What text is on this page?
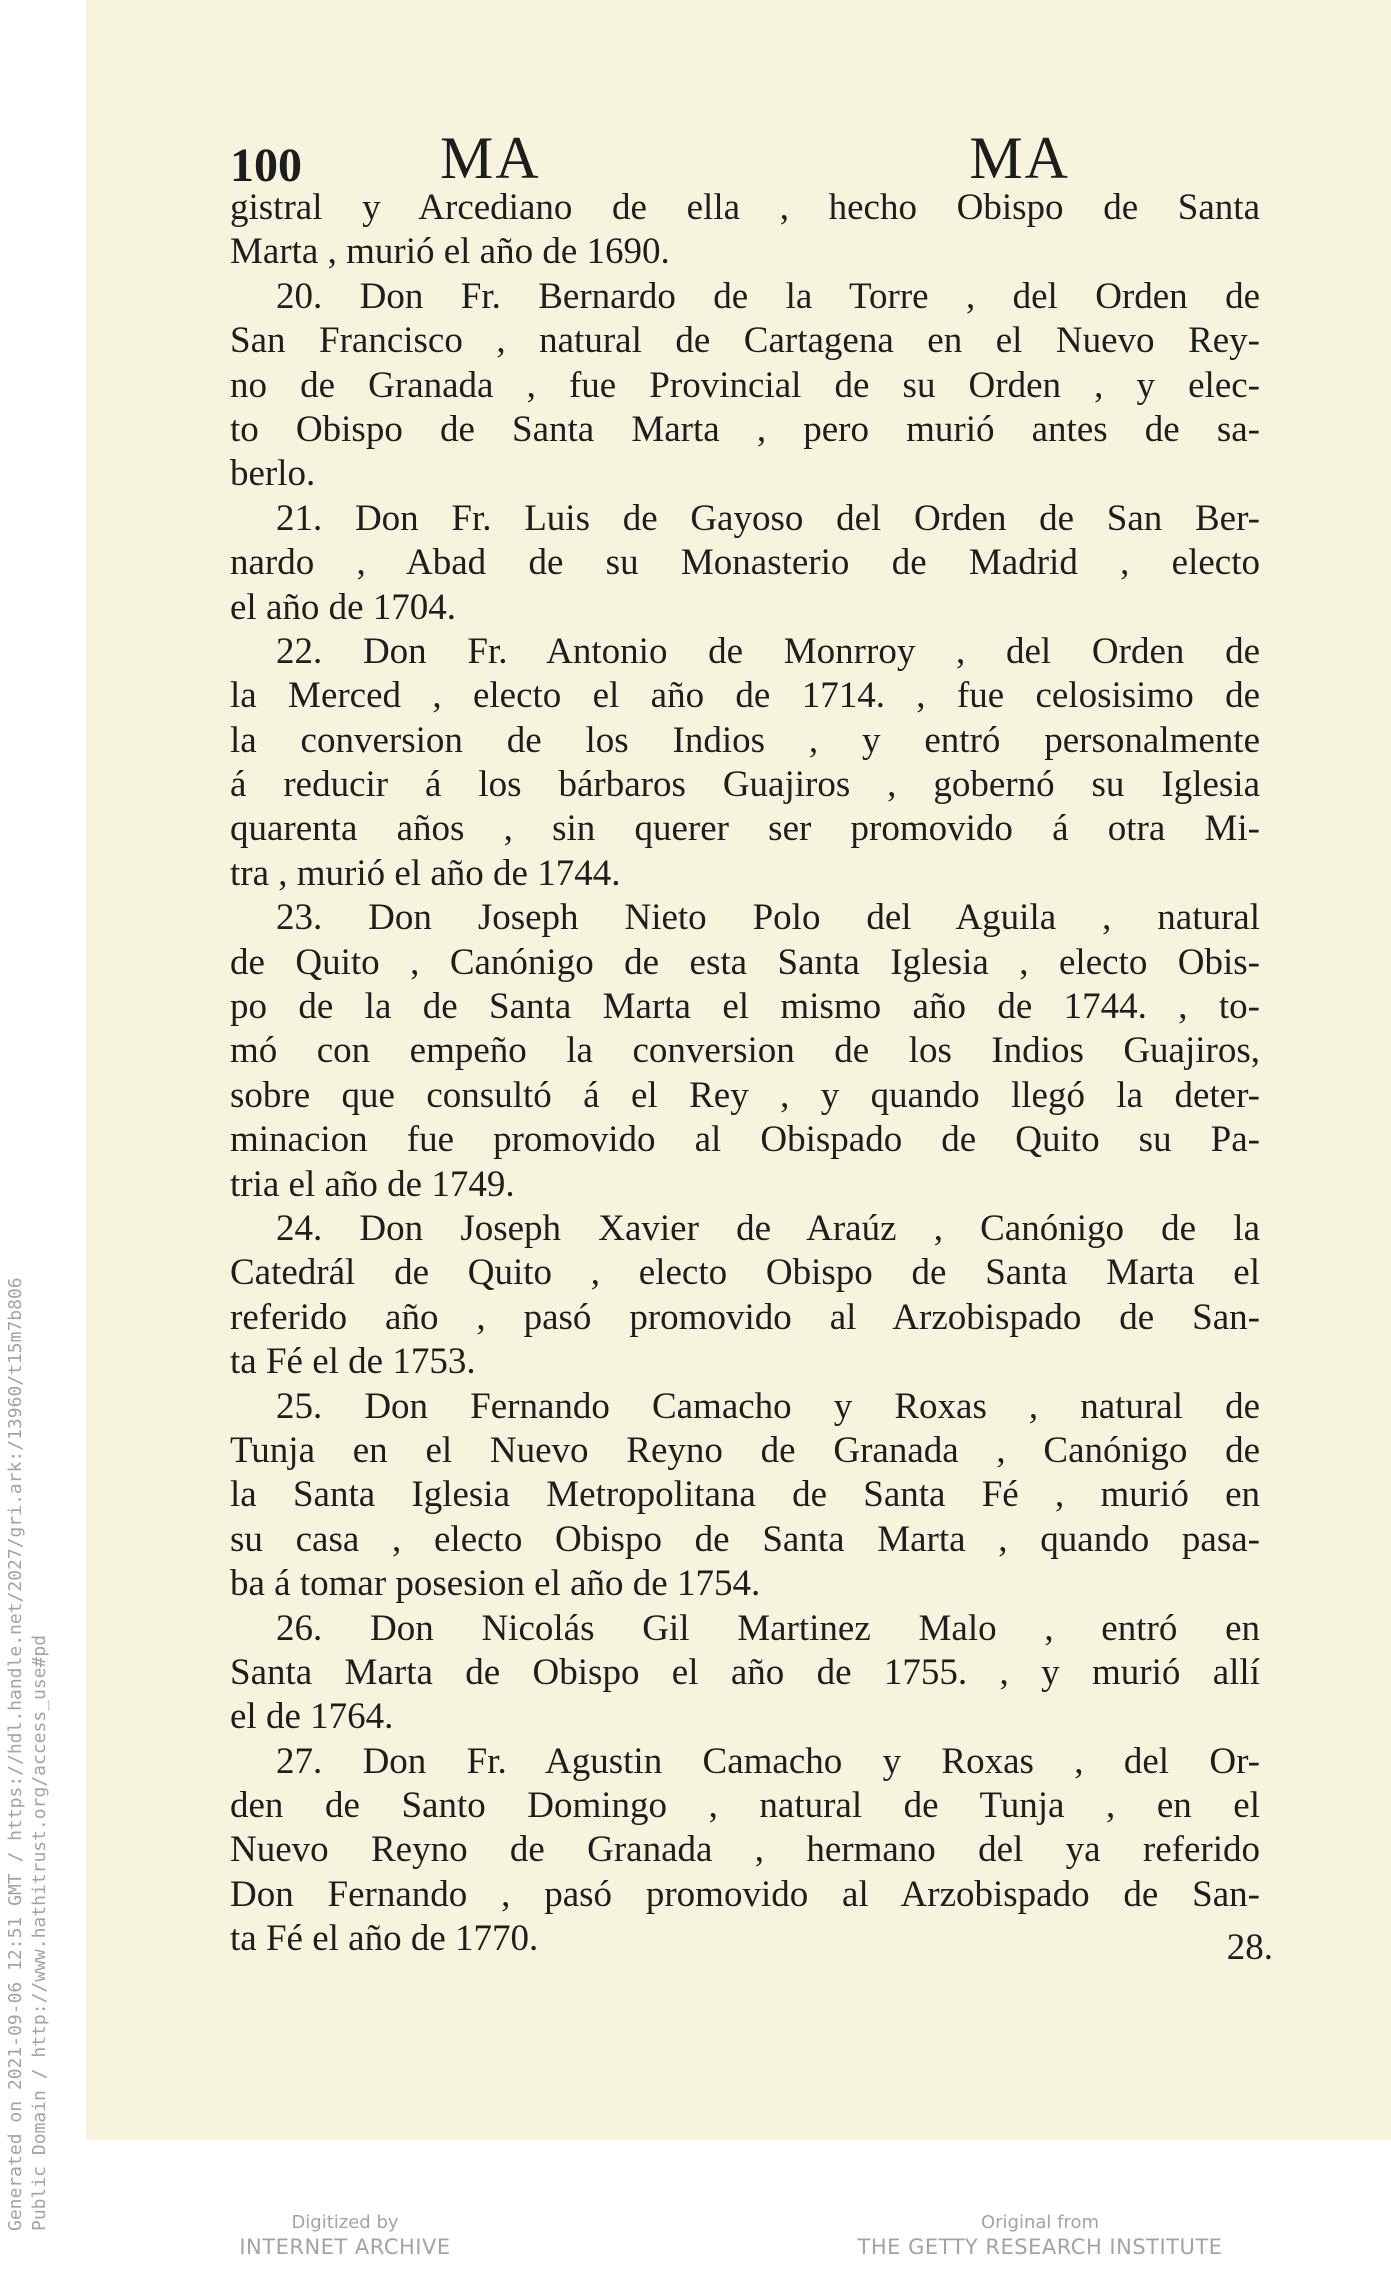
Generated on 2021-09-06 12:51 GMT / https://hdl.handle.net/2027/gri.ark:/13960/t15m7b806 Public Domain / http://www.hathitrust.org/access_use#pd
100 MA	MA
gistral y Arcediano de ella , hecho Obispo de Santa
Marta , murió el año de 1690.
20. Don Fr. Bernardo de la Torre , del Orden de
San Francisco , natural de Cartagena en el Nuevo Rey-
no de Granada , fue Provincial de su Orden , y elec-
to Obispo de Santa Marta , pero murió antes de sa-
berlo.
21. Don Fr. Luis de Gayoso del Orden de San Ber-
nardo , Abad de su Monasterio de Madrid , electo
el año de 1704.
22. Don Fr. Antonio de Monrroy , del Orden de
la Merced , electo el año de 1714. , fue celosisimo de
la conversion de los Indios , y entró personalmente
á reducir á los bárbaros Guajiros , gobernó su Iglesia
quarenta años , sin querer ser promovido á otra Mi-
tra , murió el año de 1744.
23. Don Joseph Nieto Polo del Aguila , natural
de Quito , Canónigo de esta Santa Iglesia , electo Obis-
po de la de Santa Marta el mismo año de 1744. , to-
mó con empeño la conversion de los Indios Guajiros,
sobre que consultó á el Rey , y quando llegó la deter-
minacion fue promovido al Obispado de Quito su Pa-
tria el año de 1749.
24. Don Joseph Xavier de Araúz , Canónigo de la
Catedrál de Quito , electo Obispo de Santa Marta el
referido año , pasó promovido al Arzobispado de San-
ta Fé el de 1753.
25. Don Fernando Camacho y Roxas , natural de
Tunja en el Nuevo Reyno de Granada , Canónigo de
la Santa Iglesia Metropolitana de Santa Fé , murió en
su casa , electo Obispo de Santa Marta , quando pasa-
ba á tomar posesion el año de 1754.
26. Don Nicolás Gil Martinez Malo , entró en
Santa Marta de Obispo el año de 1755. , y murió allí
el de 1764.
27. Don Fr. Agustin Camacho y Roxas , del Or-
den de Santo Domingo , natural de Tunja , en el
Nuevo Reyno de Granada , hermano del ya referido
Don Fernando , pasó promovido al Arzobispado de San-
ta Fé el año de 1770.	28.
Digitized by
INTERNET ARCHIVE
Original from
THE GETTY RESEARCH INSTITUTE
